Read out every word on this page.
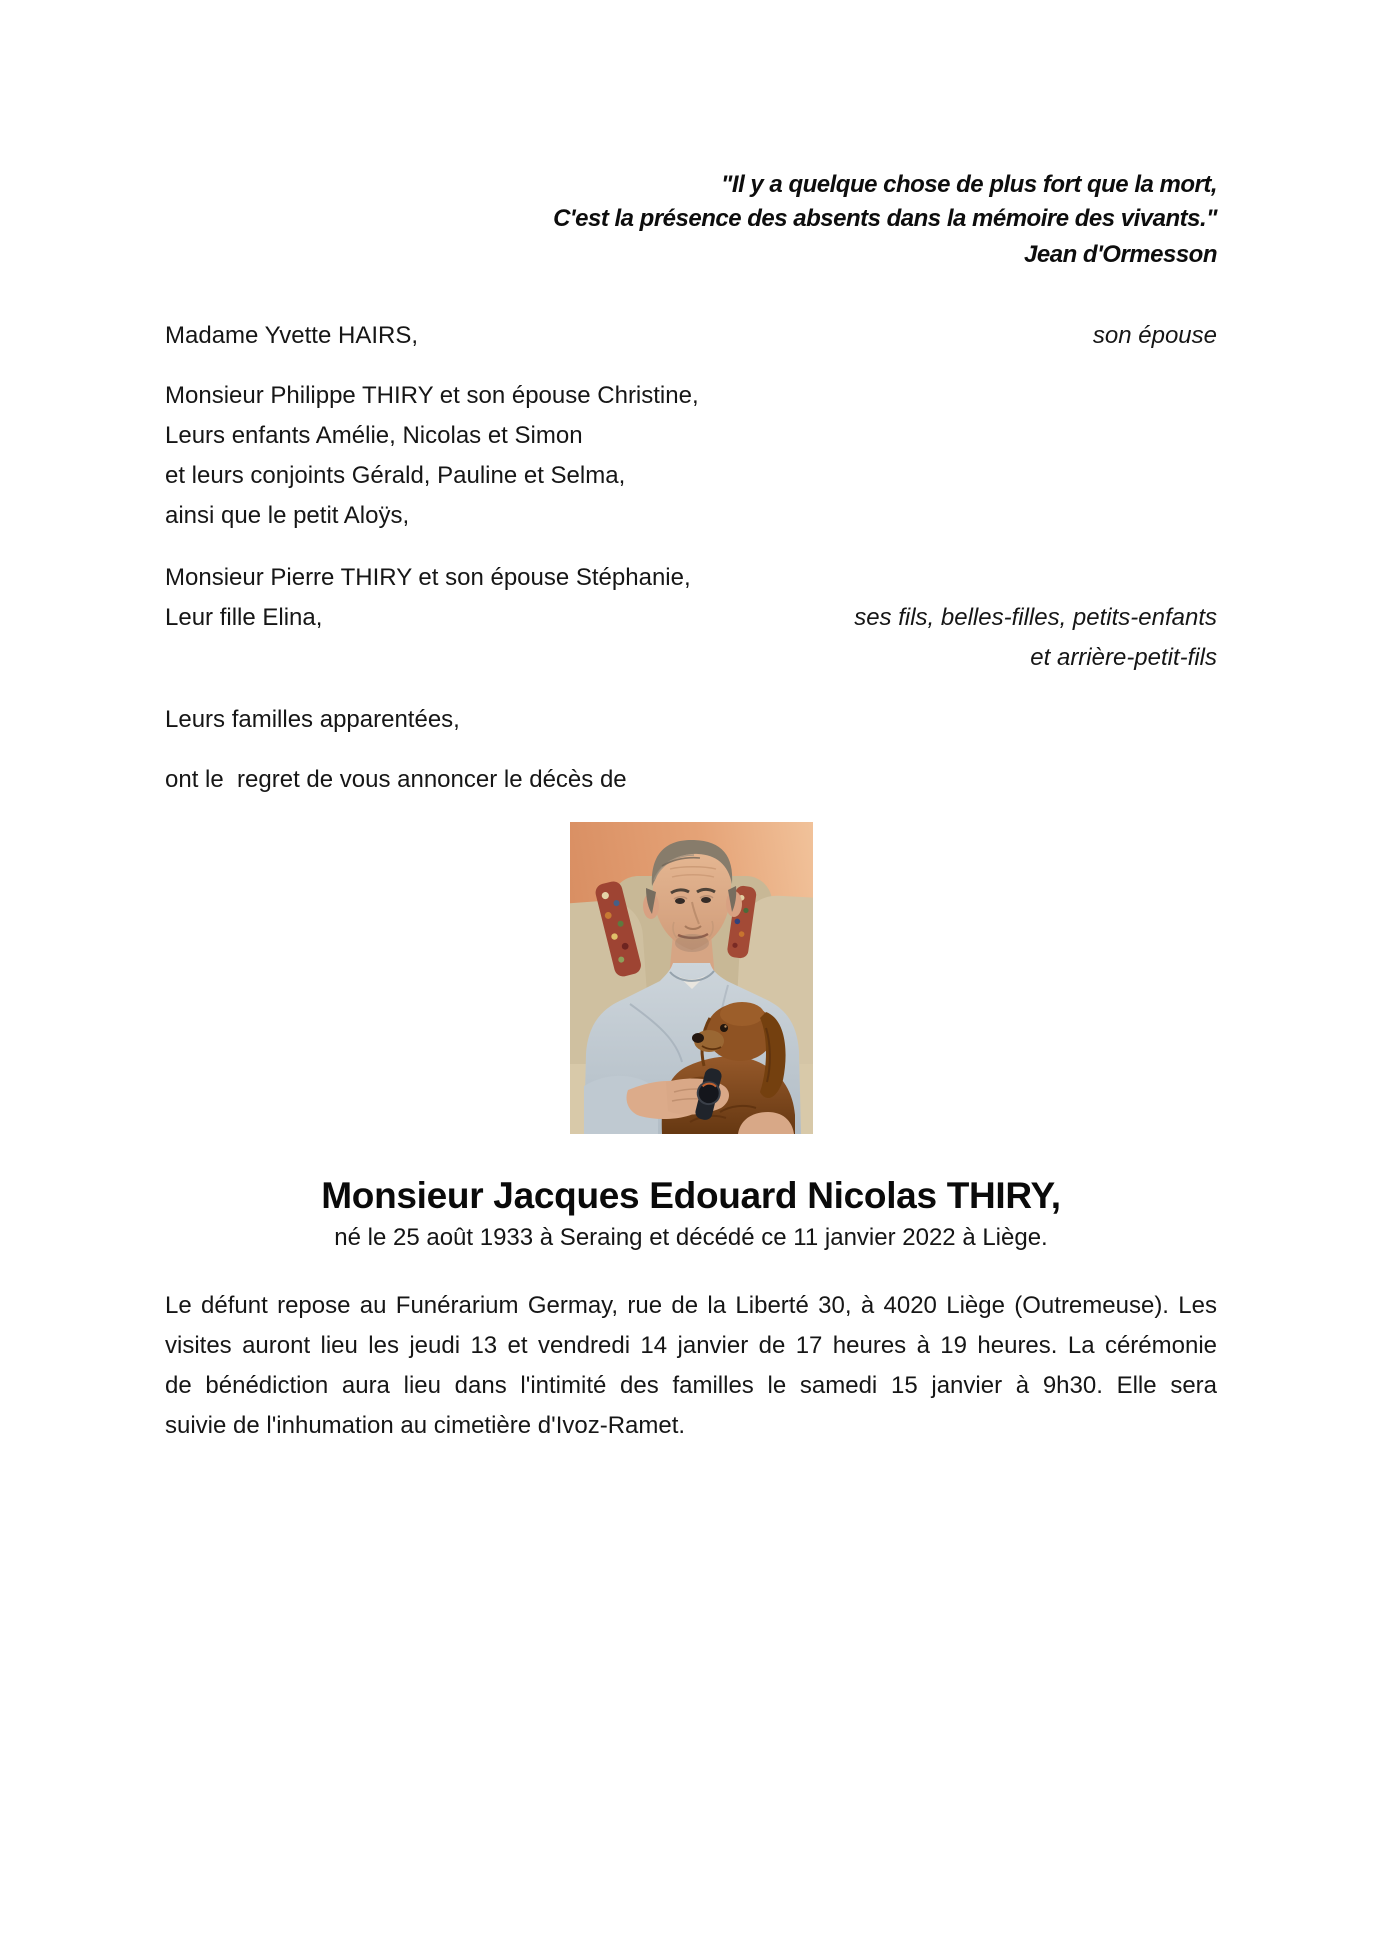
"Il y a quelque chose de plus fort que la mort,
C'est la présence des absents dans la mémoire des vivants."
Jean d'Ormesson
Madame Yvette HAIRS,	son épouse
Monsieur Philippe THIRY et son épouse Christine,
Leurs enfants Amélie, Nicolas et Simon
et leurs conjoints Gérald, Pauline et Selma,
ainsi que le petit Aloÿs,
Monsieur Pierre THIRY et son épouse Stéphanie,
Leur fille Elina,	ses fils, belles-filles, petits-enfants
et arrière-petit-fils
Leurs familles apparentées,
ont le  regret de vous annoncer le décès de
Monsieur Jacques Edouard Nicolas THIRY,
né le 25 août 1933 à Seraing et décédé ce 11 janvier 2022 à Liège.
Le défunt repose au Funérarium Germay, rue de la Liberté 30, à 4020 Liège (Outremeuse). Les
visites auront lieu les jeudi 13 et vendredi 14 janvier de 17 heures à 19 heures. La cérémonie
de bénédiction aura lieu dans l'intimité des familles le samedi 15 janvier à 9h30. Elle sera
suivie de l'inhumation au cimetière d'Ivoz-Ramet.
